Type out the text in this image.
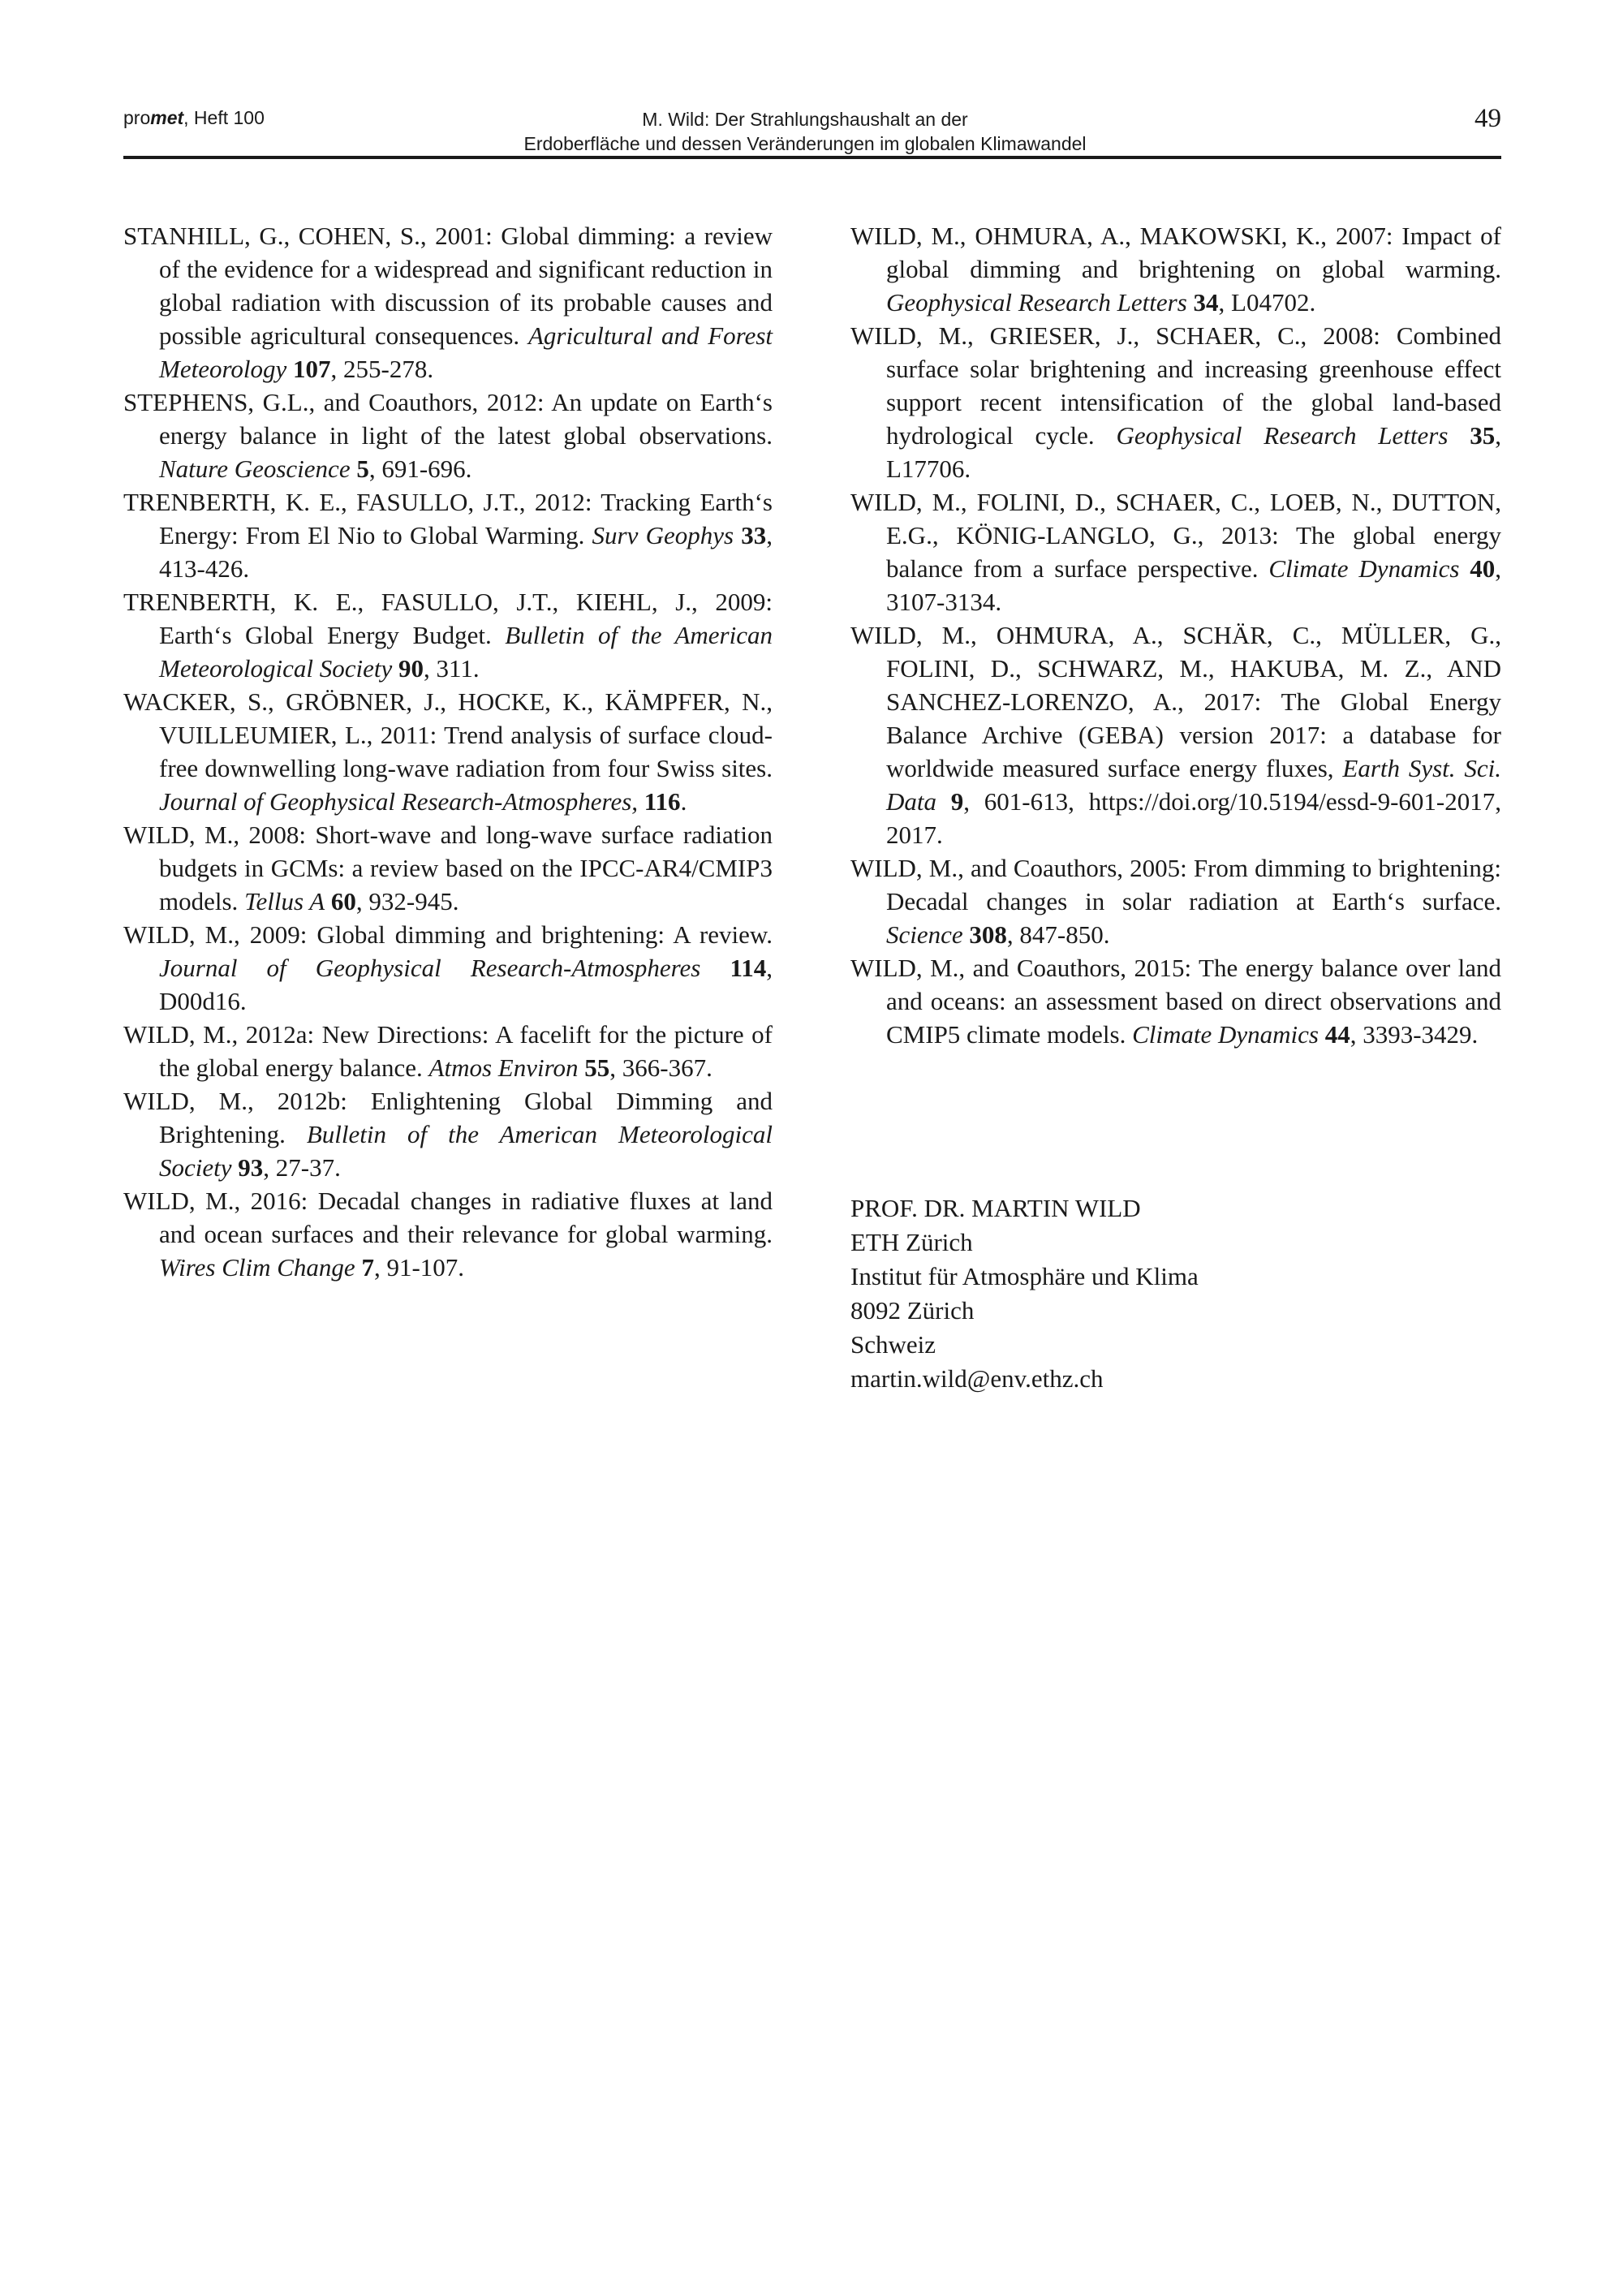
promet, Heft 100	M. Wild: Der Strahlungshaushalt an der
Erdoberfläche und dessen Veränderungen im globalen Klimawandel
49

STANHILL, G., COHEN, S., 2001: Global dimming: a review of the evidence for a widespread and significant reduction in global radiation with discussion of its probable causes and possible agricultural consequences. Agricultural and Forest Meteorology 107, 255-278.

STEPHENS, G.L., and Coauthors, 2012: An update on Earth‘s energy balance in light of the latest global observations. Nature Geoscience 5, 691-696.

TRENBERTH, K. E., FASULLO, J.T., 2012: Tracking Earth‘s Energy: From El Nio to Global Warming. Surv Geophys 33, 413-426.

TRENBERTH, K. E., FASULLO, J.T., KIEHL, J., 2009: Earth‘s Global Energy Budget. Bulletin of the American Meteorological Society 90, 311.

WACKER, S., GRÖBNER, J., HOCKE, K., KÄMPFER, N., VUILLEUMIER, L., 2011: Trend analysis of surface cloud-free downwelling long-wave radiation from four Swiss sites. Journal of Geophysical Research-Atmospheres, 116.

WILD, M., 2008: Short-wave and long-wave surface radiation budgets in GCMs: a review based on the IPCC-AR4/CMIP3 models. Tellus A 60, 932-945.

WILD, M., 2009: Global dimming and brightening: A review. Journal of Geophysical Research-Atmospheres 114, D00d16.

WILD, M., 2012a: New Directions: A facelift for the picture of the global energy balance. Atmos Environ 55, 366-367.

WILD, M., 2012b: Enlightening Global Dimming and Brightening. Bulletin of the American Meteorological Society 93, 27-37.

WILD, M., 2016: Decadal changes in radiative fluxes at land and ocean surfaces and their relevance for global warming. Wires Clim Change 7, 91-107.

WILD, M., OHMURA, A., MAKOWSKI, K., 2007: Impact of global dimming and brightening on global warming. Geophysical Research Letters 34, L04702.

WILD, M., GRIESER, J., SCHAER, C., 2008: Combined surface solar brightening and increasing greenhouse effect support recent intensification of the global land-based hydrological cycle. Geophysical Research Letters 35, L17706.

WILD, M., FOLINI, D., SCHAER, C., LOEB, N., DUTTON, E.G., KÖNIG-LANGLO, G., 2013: The global energy balance from a surface perspective. Climate Dynamics 40, 3107-3134.

WILD, M., OHMURA, A., SCHÄR, C., MÜLLER, G., FOLINI, D., SCHWARZ, M., HAKUBA, M. Z., AND SANCHEZ-LORENZO, A., 2017: The Global Energy Balance Archive (GEBA) version 2017: a database for worldwide measured surface energy fluxes, Earth Syst. Sci. Data 9, 601-613, https://doi.org/10.5194/essd-9-601-2017, 2017.

WILD, M., and Coauthors, 2005: From dimming to brightening: Decadal changes in solar radiation at Earth‘s surface. Science 308, 847-850.

WILD, M., and Coauthors, 2015: The energy balance over land and oceans: an assessment based on direct observations and CMIP5 climate models. Climate Dynamics 44, 3393-3429.

PROF. DR. MARTIN WILD
ETH Zürich
Institut für Atmosphäre und Klima
8092 Zürich
Schweiz
martin.wild@env.ethz.ch
